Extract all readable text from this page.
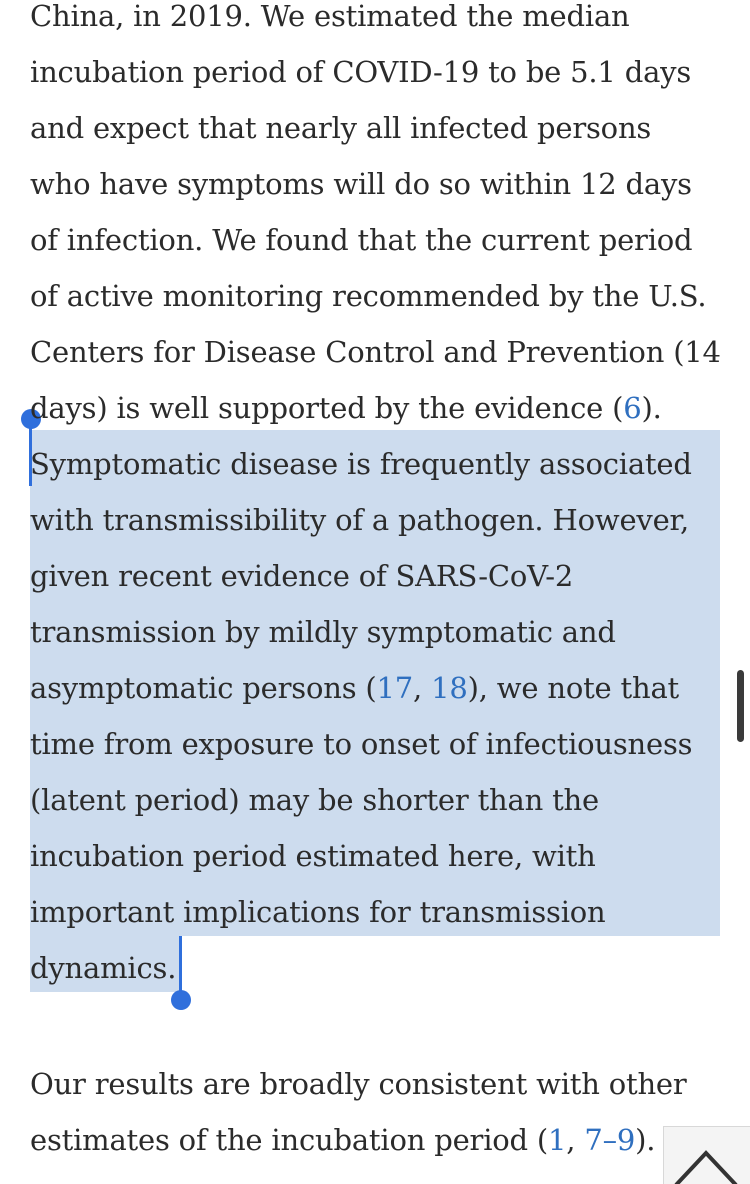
China, in 2019. We estimated the median
incubation period of COVID-19 to be 5.1 days
and expect that nearly all infected persons
who have symptoms will do so within 12 days
of infection. We found that the current period
of active monitoring recommended by the U.S.
Centers for Disease Control and Prevention (14
days) is well supported by the evidence (6).
Symptomatic disease is frequently associated
with transmissibility of a pathogen. However,
given recent evidence of SARS-CoV-2
transmission by mildly symptomatic and
asymptomatic persons (17, 18), we note that
time from exposure to onset of infectiousness
(latent period) may be shorter than the
incubation period estimated here, with
important implications for transmission
dynamics.
Our results are broadly consistent with other
estimates of the incubation period (1, 7–9).
